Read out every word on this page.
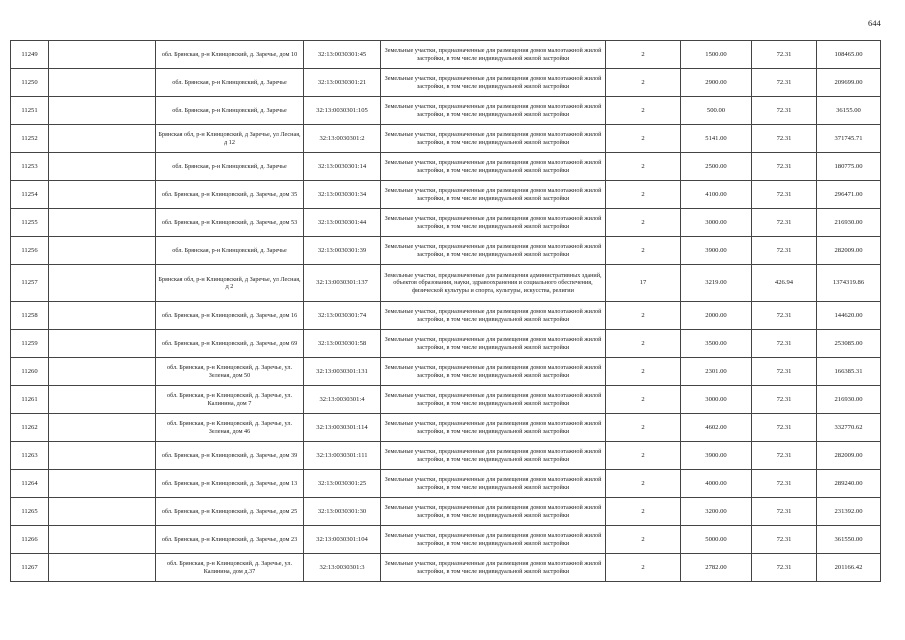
644
11249		обл. Брянская, р-н Клинцовский, д. Заречье, дом 10	32:13:0030301:45	Земельные участки, предназначенные для размещения домов малоэтажной жилой застройки, в том числе индивидуальной жилой застройки	2	1500.00	72.31	108465.00
11250		обл. Брянская, р-н Клинцовский, д. Заречье	32:13:0030301:21	Земельные участки, предназначенные для размещения домов малоэтажной жилой застройки, в том числе индивидуальной жилой застройки	2	2900.00	72.31	209699.00
11251		обл. Брянская, р-н Клинцовский, д. Заречье	32:13:0030301:105	Земельные участки, предназначенные для размещения домов малоэтажной жилой застройки, в том числе индивидуальной жилой застройки	2	500.00	72.31	36155.00
11252		Брянская обл, р-н Клинцовский, д Заречье, ул Лесная, д 12	32:13:0030301:2	Земельные участки, предназначенные для размещения домов малоэтажной жилой застройки, в том числе индивидуальной жилой застройки	2	5141.00	72.31	371745.71
11253		обл. Брянская, р-н Клинцовский, д. Заречье	32:13:0030301:14	Земельные участки, предназначенные для размещения домов малоэтажной жилой застройки, в том числе индивидуальной жилой застройки	2	2500.00	72.31	180775.00
11254		обл. Брянская, р-н Клинцовский, д. Заречье, дом 35	32:13:0030301:34	Земельные участки, предназначенные для размещения домов малоэтажной жилой застройки, в том числе индивидуальной жилой застройки	2	4100.00	72.31	296471.00
11255		обл. Брянская, р-н Клинцовский, д. Заречье, дом 53	32:13:0030301:44	Земельные участки, предназначенные для размещения домов малоэтажной жилой застройки, в том числе индивидуальной жилой застройки	2	3000.00	72.31	216930.00
11256		обл. Брянская, р-н Клинцовский, д. Заречье	32:13:0030301:39	Земельные участки, предназначенные для размещения домов малоэтажной жилой застройки, в том числе индивидуальной жилой застройки	2	3900.00	72.31	282009.00
11257		Брянская обл, р-н Клинцовский, д Заречье, ул Лесная, д 2	32:13:0030301:137	Земельные участки, предназначенные для размещения административных зданий, объектов образования, науки, здравоохранения и социального обеспечения, физической культуры и спорта, культуры, искусства, религии	17	3219.00	426.94	1374319.86
11258		обл. Брянская, р-н Клинцовский, д. Заречье, дом 16	32:13:0030301:74	Земельные участки, предназначенные для размещения домов малоэтажной жилой застройки, в том числе индивидуальной жилой застройки	2	2000.00	72.31	144620.00
11259		обл. Брянская, р-н Клинцовский, д. Заречье, дом 69	32:13:0030301:58	Земельные участки, предназначенные для размещения домов малоэтажной жилой застройки, в том числе индивидуальной жилой застройки	2	3500.00	72.31	253085.00
11260		обл. Брянская, р-н Клинцовский, д. Заречье, ул. Зеленая, дом 50	32:13:0030301:131	Земельные участки, предназначенные для размещения домов малоэтажной жилой застройки, в том числе индивидуальной жилой застройки	2	2301.00	72.31	166385.31
11261		обл. Брянская, р-н Клинцовский, д. Заречье, ул. Калинина, дом 7	32:13:0030301:4	Земельные участки, предназначенные для размещения домов малоэтажной жилой застройки, в том числе индивидуальной жилой застройки	2	3000.00	72.31	216930.00
11262		обл. Брянская, р-н Клинцовский, д. Заречье, ул. Зеленая, дом 46	32:13:0030301:114	Земельные участки, предназначенные для размещения домов малоэтажной жилой застройки, в том числе индивидуальной жилой застройки	2	4602.00	72.31	332770.62
11263		обл. Брянская, р-н Клинцовский, д. Заречье, дом 39	32:13:0030301:111	Земельные участки, предназначенные для размещения домов малоэтажной жилой застройки, в том числе индивидуальной жилой застройки	2	3900.00	72.31	282009.00
11264		обл. Брянская, р-н Клинцовский, д. Заречье, дом 13	32:13:0030301:25	Земельные участки, предназначенные для размещения домов малоэтажной жилой застройки, в том числе индивидуальной жилой застройки	2	4000.00	72.31	289240.00
11265		обл. Брянская, р-н Клинцовский, д. Заречье, дом 25	32:13:0030301:30	Земельные участки, предназначенные для размещения домов малоэтажной жилой застройки, в том числе индивидуальной жилой застройки	2	3200.00	72.31	231392.00
11266		обл. Брянская, р-н Клинцовский, д. Заречье, дом 23	32:13:0030301:104	Земельные участки, предназначенные для размещения домов малоэтажной жилой застройки, в том числе индивидуальной жилой застройки	2	5000.00	72.31	361550.00
11267		обл. Брянская, р-н Клинцовский, д. Заречье, ул. Калинина, дом д.37	32:13:0030301:3	Земельные участки, предназначенные для размещения домов малоэтажной жилой застройки, в том числе индивидуальной жилой застройки	2	2782.00	72.31	201166.42
